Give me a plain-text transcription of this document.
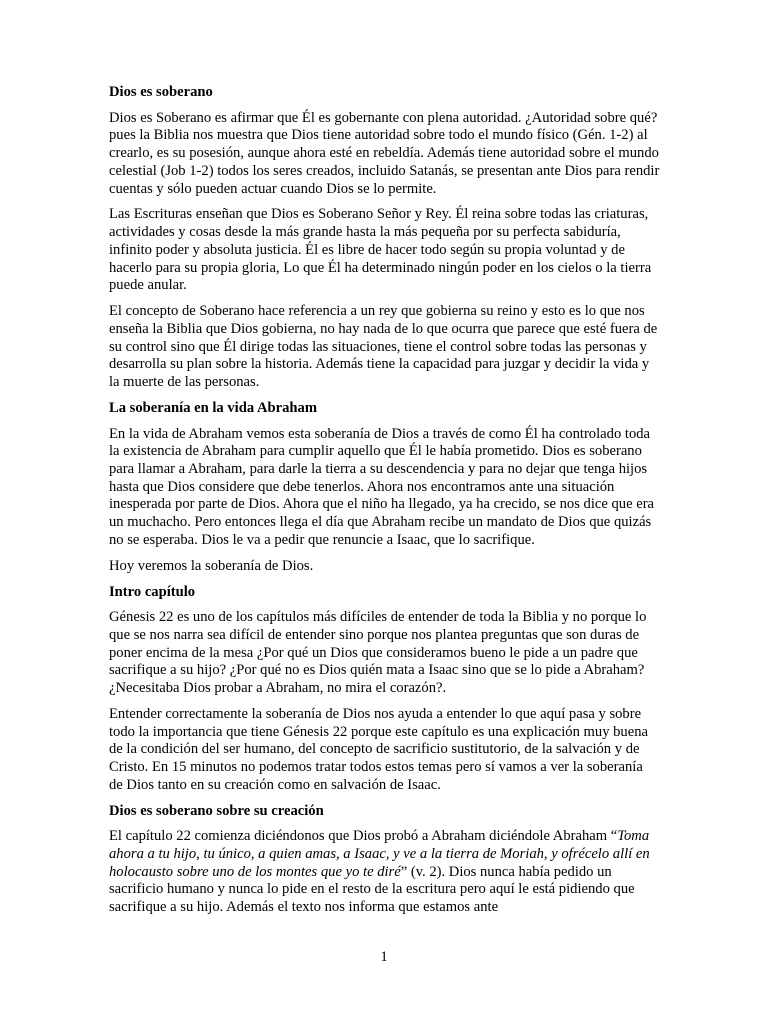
Dios es soberano

Dios es Soberano es afirmar que Él es gobernante con plena autoridad. ¿Autoridad sobre qué? pues la Biblia nos muestra que Dios tiene autoridad sobre todo el mundo físico (Gén. 1-2) al crearlo, es su posesión, aunque ahora esté en rebeldía. Además tiene autoridad sobre el mundo celestial (Job 1-2) todos los seres creados, incluido Satanás, se presentan ante Dios para rendir cuentas y sólo pueden actuar cuando Dios se lo permite.

Las Escrituras enseñan que Dios es Soberano Señor y Rey. Él reina sobre todas las criaturas, actividades y cosas desde la más grande hasta la más pequeña por su perfecta sabiduría, infinito poder y absoluta justicia. Él es libre de hacer todo según su propia voluntad y de hacerlo para su propia gloria, Lo que Él ha determinado ningún poder en los cielos o la tierra puede anular.

El concepto de Soberano hace referencia a un rey que gobierna su reino y esto es lo que nos enseña la Biblia que Dios gobierna, no hay nada de lo que ocurra que parece que esté fuera de su control sino que Él dirige todas las situaciones, tiene el control sobre todas las personas y desarrolla su plan sobre la historia. Además tiene la capacidad para juzgar y decidir la vida y la muerte de las personas.

La soberanía en la vida Abraham

En la vida de Abraham vemos esta soberanía de Dios a través de como Él ha controlado toda la existencia de Abraham para cumplir aquello que Él le había prometido. Dios es soberano para llamar a Abraham, para darle la tierra a su descendencia y para no dejar que tenga hijos hasta que Dios considere que debe tenerlos. Ahora nos encontramos ante una situación inesperada por parte de Dios. Ahora que el niño ha llegado, ya ha crecido, se nos dice que era un muchacho. Pero entonces llega el día que Abraham recibe un mandato de Dios que quizás no se esperaba. Dios le va a pedir que renuncie a Isaac, que lo sacrifique.

Hoy veremos la soberanía de Dios.

Intro capítulo

Génesis 22 es uno de los capítulos más difíciles de entender de toda la Biblia y no porque lo que se nos narra sea difícil de entender sino porque nos plantea preguntas que son duras de poner encima de la mesa ¿Por qué un Dios que consideramos bueno le pide a un padre que sacrifique a su hijo? ¿Por qué no es Dios quién mata a Isaac sino que se lo pide a Abraham? ¿Necesitaba Dios probar a Abraham, no mira el corazón?.

Entender correctamente la soberanía de Dios nos ayuda a entender lo que aquí pasa y sobre todo la importancia que tiene Génesis 22 porque este capítulo es una explicación muy buena de la condición del ser humano, del concepto de sacrificio sustitutorio, de la salvación y de Cristo. En 15 minutos no podemos tratar todos estos temas pero sí vamos a ver la soberanía de Dios tanto en su creación como en salvación de Isaac.

Dios es soberano sobre su creación

El capítulo 22 comienza diciéndonos que Dios probó a Abraham diciéndole Abraham “Toma ahora a tu hijo, tu único, a quien amas, a Isaac, y ve a la tierra de Moriah, y ofrécelo allí en holocausto sobre uno de los montes que yo te diré” (v. 2). Dios nunca había pedido un sacrificio humano y nunca lo pide en el resto de la escritura pero aquí le está pidiendo que sacrifique a su hijo. Además el texto nos informa que estamos ante

1
